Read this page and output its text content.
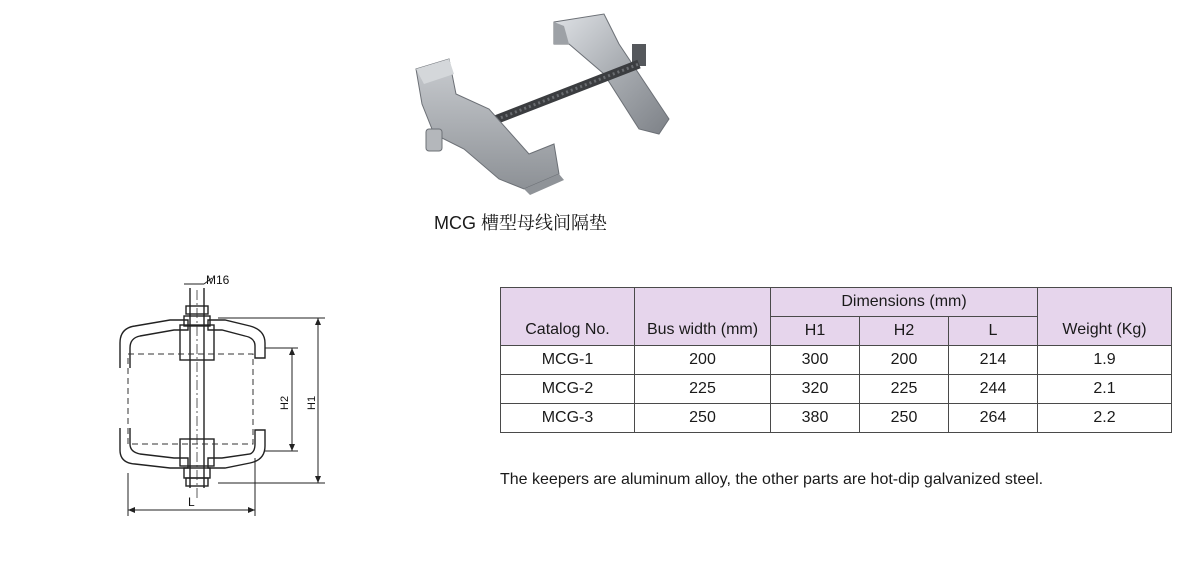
MCG 槽型母线间隔垫
M16
H1
H2
L
Catalog No.	Bus width (mm)	Dimensions (mm)			Weight (Kg)
		H1	H2	L	
MCG-1	200	300	200	214	1.9
MCG-2	225	320	225	244	2.1
MCG-3	250	380	250	264	2.2
The keepers are aluminum alloy, the other parts are hot-dip galvanized steel.
